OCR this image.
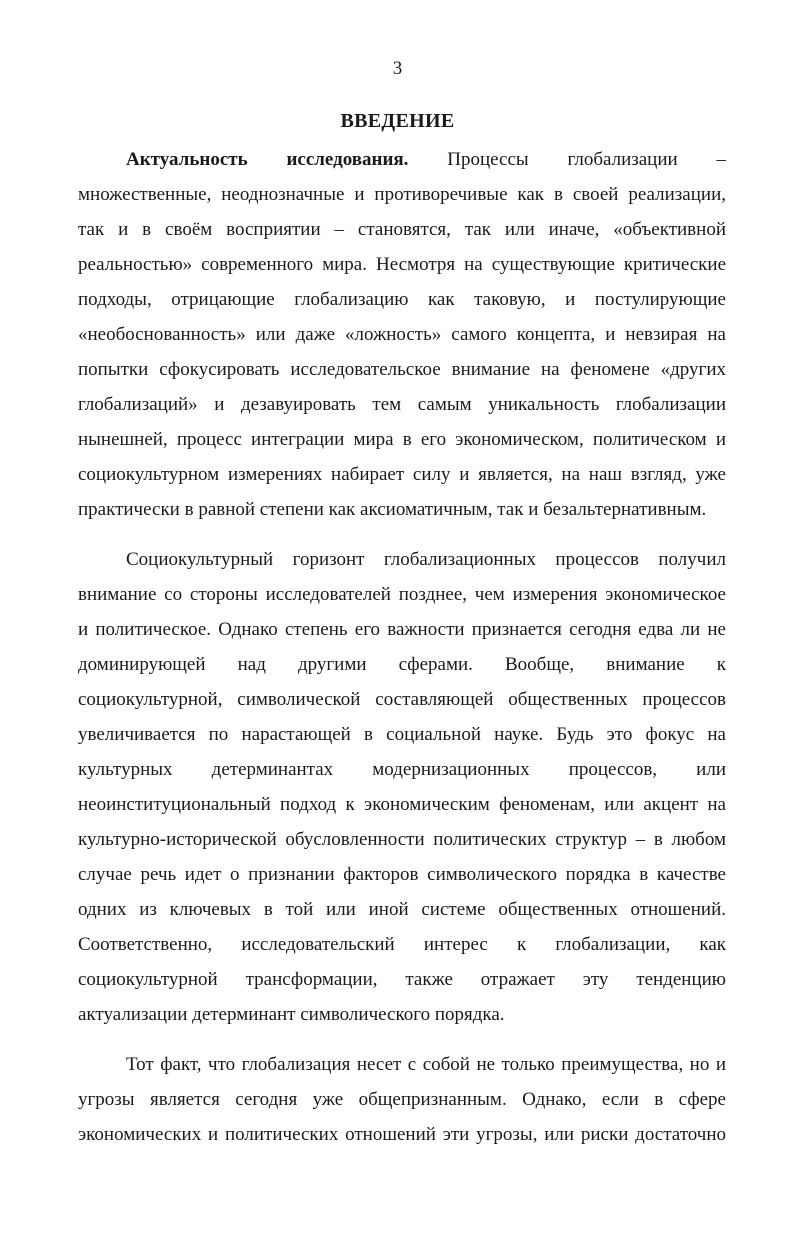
3
ВВЕДЕНИЕ
Актуальность исследования. Процессы глобализации –
множественные, неоднозначные и противоречивые как в своей реализации,
так и в своём восприятии – становятся, так или иначе, «объективной
реальностью» современного мира. Несмотря на существующие критические
подходы, отрицающие глобализацию как таковую, и постулирующие
«необоснованность» или даже «ложность» самого концепта, и невзирая на
попытки сфокусировать исследовательское внимание на феномене «других
глобализаций» и дезавуировать тем самым уникальность глобализации
нынешней, процесс интеграции мира в его экономическом, политическом и
социокультурном измерениях набирает силу и является, на наш взгляд, уже
практически в равной степени как аксиоматичным, так и безальтернативным.
Социокультурный горизонт глобализационных процессов получил
внимание со стороны исследователей позднее, чем измерения экономическое
и политическое. Однако степень его важности признается сегодня едва ли не
доминирующей над другими сферами. Вообще, внимание к
социокультурной, символической составляющей общественных процессов
увеличивается по нарастающей в социальной науке. Будь это фокус на
культурных детерминантах модернизационных процессов, или
неоинституциональный подход к экономическим феноменам, или акцент на
культурно-исторической обусловленности политических структур – в любом
случае речь идет о признании факторов символического порядка в качестве
одних из ключевых в той или иной системе общественных отношений.
Соответственно, исследовательский интерес к глобализации, как
социокультурной трансформации, также отражает эту тенденцию
актуализации детерминант символического порядка.
Тот факт, что глобализация несет с собой не только преимущества, но и
угрозы является сегодня уже общепризнанным. Однако, если в сфере
экономических и политических отношений эти угрозы, или риски достаточно
